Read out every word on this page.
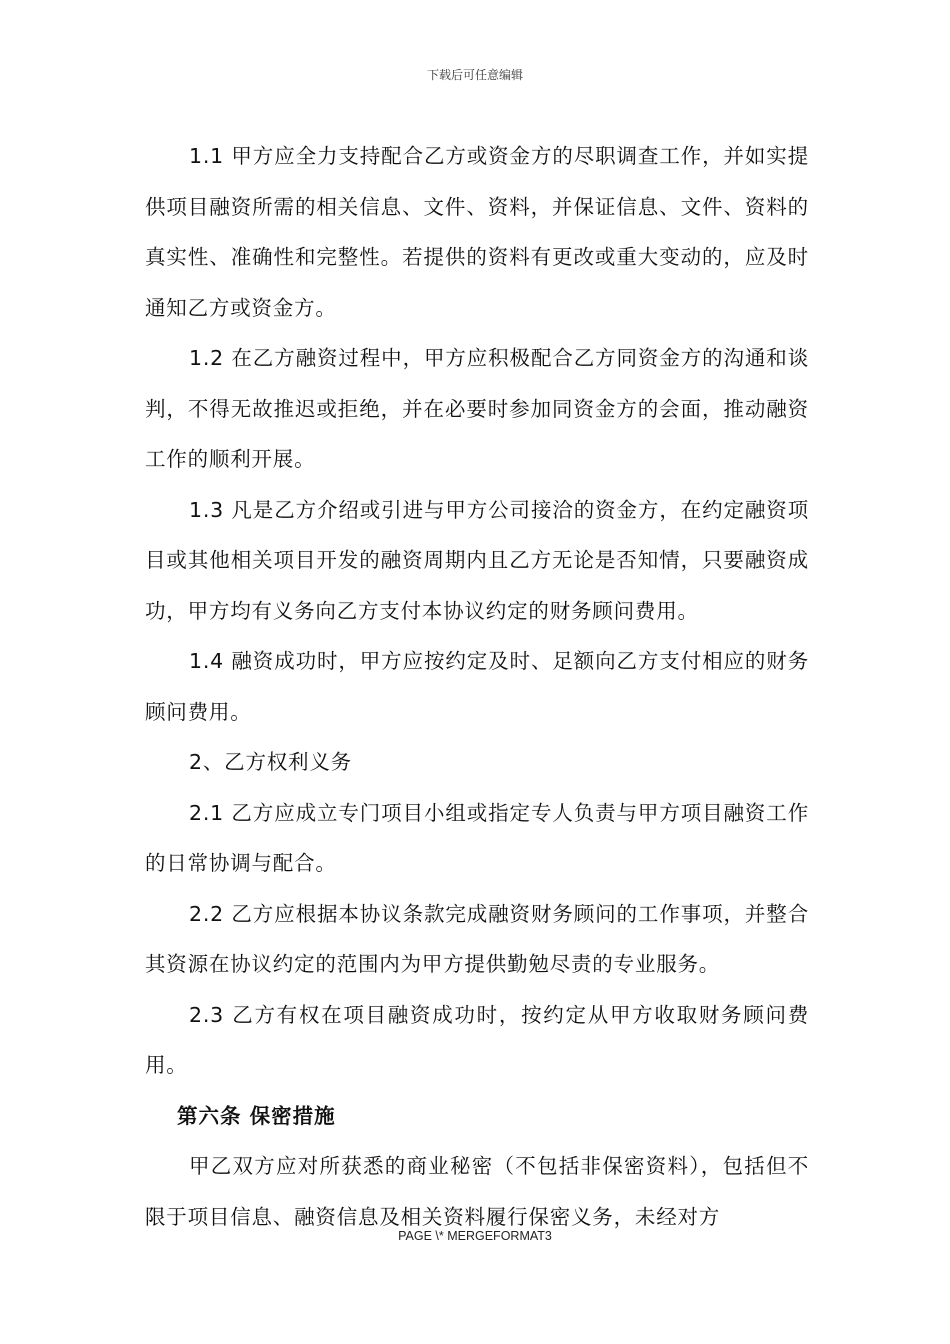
下载后可任意编辑

1.1 甲方应全力支持配合乙方或资金方的尽职调查工作，并如实提供项目融资所需的相关信息、文件、资料，并保证信息、文件、资料的真实性、准确性和完整性。若提供的资料有更改或重大变动的，应及时通知乙方或资金方。

1.2 在乙方融资过程中，甲方应积极配合乙方同资金方的沟通和谈判，不得无故推迟或拒绝，并在必要时参加同资金方的会面，推动融资工作的顺利开展。

1.3 凡是乙方介绍或引进与甲方公司接洽的资金方，在约定融资项目或其他相关项目开发的融资周期内且乙方无论是否知情，只要融资成功，甲方均有义务向乙方支付本协议约定的财务顾问费用。

1.4 融资成功时，甲方应按约定及时、足额向乙方支付相应的财务顾问费用。

2、乙方权利义务

2.1 乙方应成立专门项目小组或指定专人负责与甲方项目融资工作的日常协调与配合。

2.2 乙方应根据本协议条款完成融资财务顾问的工作事项，并整合其资源在协议约定的范围内为甲方提供勤勉尽责的专业服务。

2.3 乙方有权在项目融资成功时，按约定从甲方收取财务顾问费用。

第六条 保密措施

甲乙双方应对所获悉的商业秘密（不包括非保密资料），包括但不限于项目信息、融资信息及相关资料履行保密义务，未经对方

PAGE \* MERGEFORMAT3
